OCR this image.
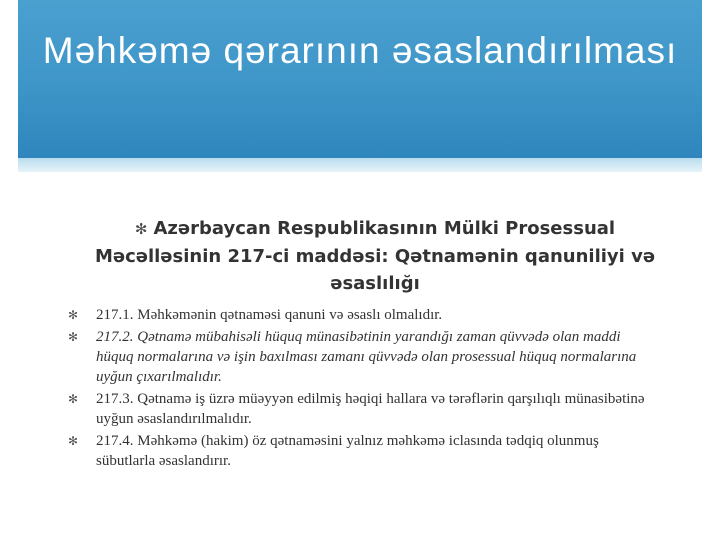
Məhkəmə qərarının əsaslandırılması
✻ Azərbaycan Respublikasının Mülki Prosessual Məcəlləsinin 217-ci maddəsi: Qətnamənin qanuniliyi və əsaslılığı
✻ 217.1. Məhkəmənin qətnaməsi qanuni və əsaslı olmalıdır.
✻ 217.2. Qətnamə mübahisəli hüquq münasibətinin yarandığı zaman qüvvədə olan maddi hüquq normalarına və işin baxılması zamanı qüvvədə olan prosessual hüquq normalarına uyğun çıxarılmalıdır.
✻ 217.3. Qətnamə iş üzrə müəyyən edilmiş həqiqi hallara və tərəflərin qarşılıqlı münasibətinə uyğun əsaslandırılmalıdır.
✻ 217.4. Məhkəmə (hakim) öz qətnaməsini yalnız məhkəmə iclasında tədqiq olunmuş sübutlarla əsaslandırır.
